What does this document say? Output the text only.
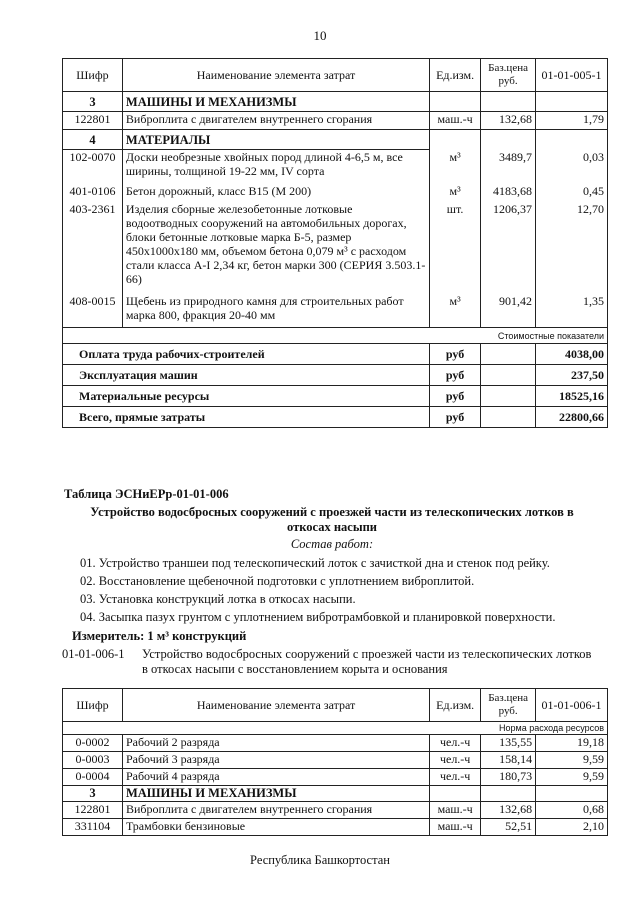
10
Шифр	Наименование элемента затрат	Ед.изм.	Баз.цена руб.	01-01-005-1
3	МАШИНЫ И МЕХАНИЗМЫ			
122801	Виброплита с двигателем внутреннего сгорания	маш.-ч	132,68	1,79
4	МАТЕРИАЛЫ			
102-0070	Доски необрезные хвойных пород длиной 4-6,5 м, все ширины, толщиной 19-22 мм, IV сорта	м³	3489,7	0,03
401-0106	Бетон дорожный, класс В15 (М 200)	м³	4183,68	0,45
403-2361	Изделия сборные железобетонные лотковые водоотводных сооружений на автомобильных дорогах, блоки бетонные лотковые марка Б-5, размер 450х1000х180 мм, объемом бетона 0,079 м³ с расходом стали класса А-I 2,34 кг, бетон марки 300 (СЕРИЯ 3.503.1-66)	шт.	1206,37	12,70
408-0015	Щебень из природного камня для строительных работ марка 800, фракция 20-40 мм	м³	901,42	1,35
Стоимостные показатели				
Оплата труда рабочих-строителей		руб		4038,00
Эксплуатация машин		руб		237,50
Материальные ресурсы		руб		18525,16
Всего, прямые затраты		руб		22800,66
Таблица ЭСНиЕРр-01-01-006
Устройство водосбросных сооружений с проезжей части из телескопических лотков в
откосах насыпи
Состав работ:
01. Устройство траншеи под телескопический лоток с зачисткой дна и стенок под рейку.
02. Восстановление щебеночной подготовки с уплотнением виброплитой.
03. Установка конструкций лотка в откосах насыпи.
04. Засыпка пазух грунтом с уплотнением вибротрамбовкой и планировкой поверхности.
Измеритель: 1 м³ конструкций
01-01-006-1 Устройство водосбросных сооружений с проезжей части из телескопических лотков
в откосах насыпи с восстановлением корыта и основания
Шифр	Наименование элемента затрат	Ед.изм.	Баз.цена руб.	01-01-006-1
Норма расхода ресурсов				
0-0002	Рабочий 2 разряда	чел.-ч	135,55	19,18
0-0003	Рабочий 3 разряда	чел.-ч	158,14	9,59
0-0004	Рабочий 4 разряда	чел.-ч	180,73	9,59
3	МАШИНЫ И МЕХАНИЗМЫ			
122801	Виброплита с двигателем внутреннего сгорания	маш.-ч	132,68	0,68
331104	Трамбовки бензиновые	маш.-ч	52,51	2,10
Республика Башкортостан
